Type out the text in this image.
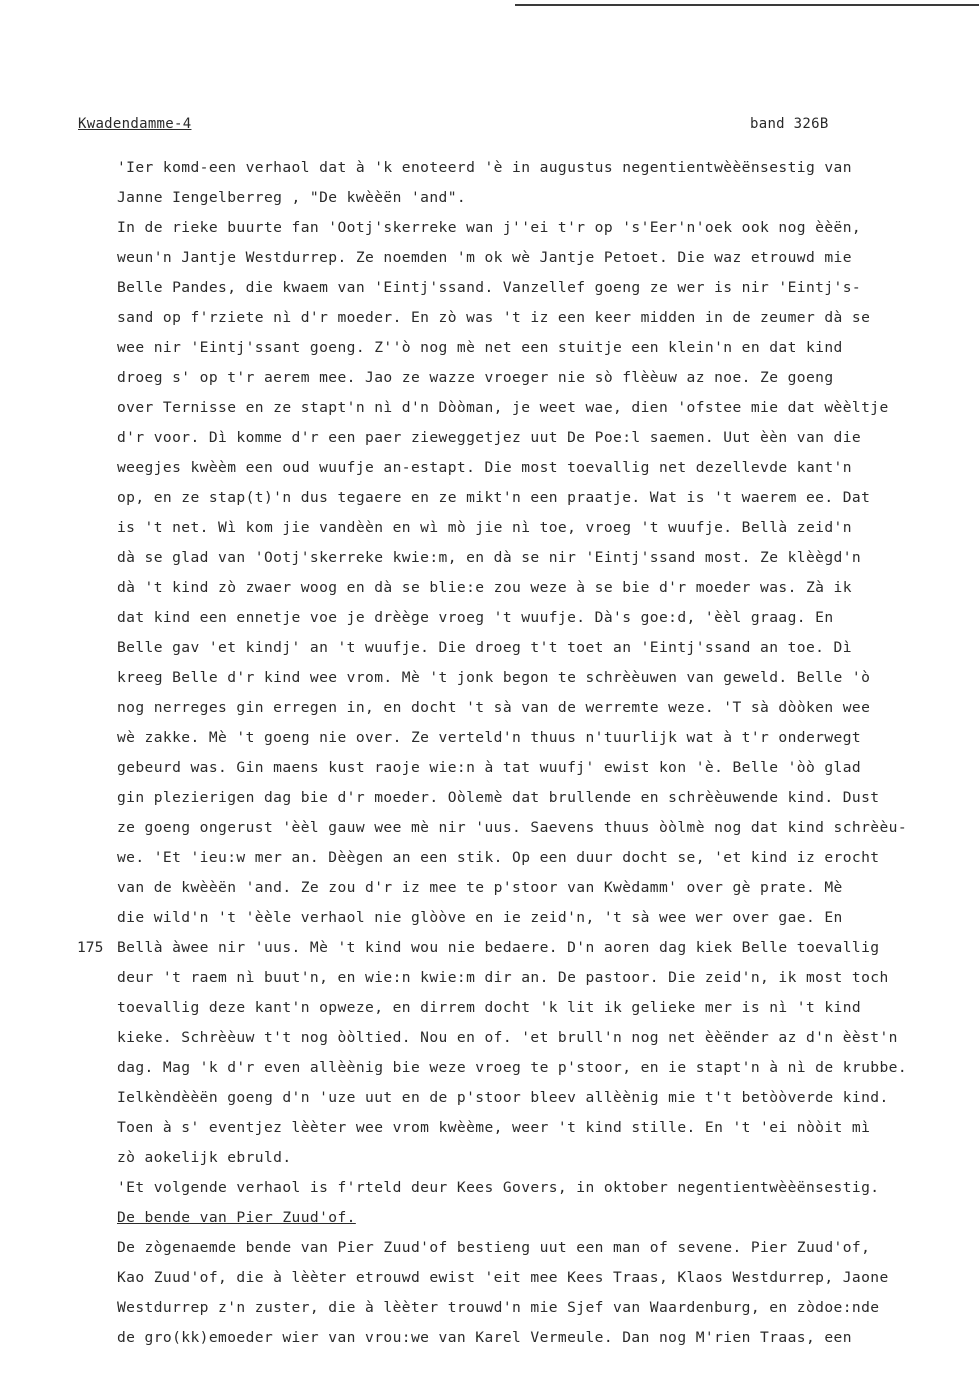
Kwadendamme-4	band 326B
175
'Ier komd-een verhaol dat à 'k enoteerd 'è in augustus negentientwèèënsestig van
Janne Iengelberreg , "De kwèèën 'and".
In de rieke buurte fan 'Ootj'skerreke wan j''ei t'r op 's'Eer'n'oek ook nog èèën,
weun'n Jantje Westdurrep. Ze noemden 'm ok wè Jantje Petoet. Die waz etrouwd mie
Belle Pandes, die kwaem van 'Eintj'ssand. Vanzellef goeng ze wer is nir 'Eintj's-
sand op f'rziete nì d'r moeder. En zò was 't iz een keer midden in de zeumer dà se
wee nir 'Eintj'ssant goeng. Z''ò nog mè net een stuitje een klein'n en dat kind
droeg s' op t'r aerem mee. Jao ze wazze vroeger nie sò flèèuw az noe. Ze goeng
over Ternisse en ze stapt'n nì d'n Dòòman, je weet wae, dien 'ofstee mie dat wèèltje
d'r voor. Dì komme d'r een paer zieweggetjez uut De Poe:l saemen. Uut èèn van die
weegjes kwèèm een oud wuufje an-estapt. Die most toevallig net dezellevde kant'n
op, en ze stap(t)'n dus tegaere en ze mikt'n een praatje. Wat is 't waerem ee. Dat
is 't net. Wì kom jie vandèèn en wì mò jie nì toe, vroeg 't wuufje. Bellà zeid'n
dà se glad van 'Ootj'skerreke kwie:m, en dà se nir 'Eintj'ssand most. Ze klèègd'n
dà 't kind zò zwaer woog en dà se blie:e zou weze à se bie d'r moeder was. Zà ik
dat kind een ennetje voe je drèège vroeg 't wuufje. Dà's goe:d, 'èèl graag. En
Belle gav 'et kindj' an 't wuufje. Die droeg t't toet an 'Eintj'ssand an toe. Dì
kreeg Belle d'r kind wee vrom. Mè 't jonk begon te schrèèuwen van geweld. Belle 'ò
nog nerreges gin erregen in, en docht 't sà van de werremte weze. 'T sà dòòken wee
wè zakke. Mè 't goeng nie over. Ze verteld'n thuus n'tuurlijk wat à t'r onderwegt
gebeurd was. Gin maens kust raoje wie:n à tat wuufj' ewist kon 'è. Belle 'òò glad
gin plezierigen dag bie d'r moeder. Oòlemè dat brullende en schrèèuwende kind. Dust
ze goeng ongerust 'èèl gauw wee mè nir 'uus. Saevens thuus òòlmè nog dat kind schrèèu-
we. 'Et 'ieu:w mer an. Dèègen an een stik. Op een duur docht se, 'et kind iz erocht
van de kwèèën 'and. Ze zou d'r iz mee te p'stoor van Kwèdamm' over gè prate. Mè
die wild'n 't 'èèle verhaol nie glòòve en ie zeid'n, 't sà wee wer over gae. En
Bellà àwee nir 'uus. Mè 't kind wou nie bedaere. D'n aoren dag kiek Belle toevallig
deur 't raem nì buut'n, en wie:n kwie:m dir an. De pastoor. Die zeid'n, ik most toch
toevallig deze kant'n opweze, en dirrem docht 'k lit ik gelieke mer is nì 't kind
kieke. Schrèèuw t't nog òòltied. Nou en of. 'et brull'n nog net èèënder az d'n èèst'n
dag. Mag 'k d'r even allèènig bie weze vroeg te p'stoor, en ie stapt'n à nì de krubbe.
Ielkèndèèën goeng d'n 'uze uut en de p'stoor bleev allèènig mie t't betòòverde kind.
Toen à s' eventjez lèèter wee vrom kwèème, weer 't kind stille. En 't 'ei nòòit mì
zò aokelijk ebruld.
'Et volgende verhaol is f'rteld deur Kees Govers, in oktober negentientwèèënsestig.
De bende van Pier Zuud'of.
De zògenaemde bende van Pier Zuud'of bestieng uut een man of sevene. Pier Zuud'of,
Kao Zuud'of, die à lèèter etrouwd ewist 'eit mee Kees Traas, Klaos Westdurrep, Jaone
Westdurrep z'n zuster, die à lèèter trouwd'n mie Sjef van Waardenburg, en zòdoe:nde
de gro(kk)emoeder wier van vrou:we van Karel Vermeule. Dan nog M'rien Traas, een
